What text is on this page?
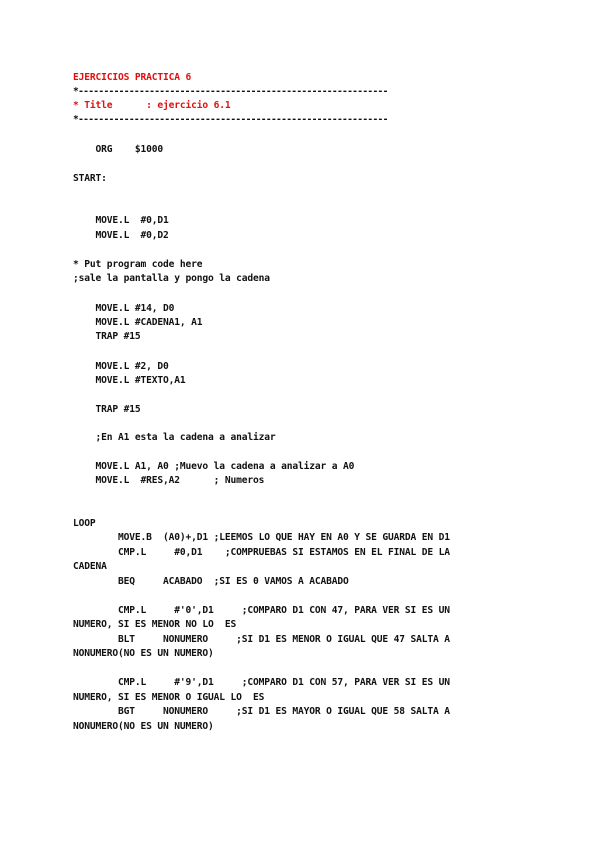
EJERCICIOS PRACTICA 6
*-------------------------------------------------------------
* Title      : ejercicio 6.1
*-------------------------------------------------------------
ORG    $1000
START:
MOVE.L  #0,D1
MOVE.L  #0,D2
* Put program code here
;sale la pantalla y pongo la cadena
MOVE.L #14, D0
MOVE.L #CADENA1, A1
TRAP #15
MOVE.L #2, D0
MOVE.L #TEXTO,A1
TRAP #15
;En A1 esta la cadena a analizar
MOVE.L A1, A0 ;Muevo la cadena a analizar a A0
MOVE.L  #RES,A2      ; Numeros
LOOP
MOVE.B  (A0)+,D1 ;LEEMOS LO QUE HAY EN A0 Y SE GUARDA EN D1
CMP.L     #0,D1    ;COMPRUEBAS SI ESTAMOS EN EL FINAL DE LA
CADENA
BEQ     ACABADO  ;SI ES 0 VAMOS A ACABADO
CMP.L     #'0',D1     ;COMPARO D1 CON 47, PARA VER SI ES UN
NUMERO, SI ES MENOR NO LO  ES
BLT     NONUMERO     ;SI D1 ES MENOR O IGUAL QUE 47 SALTA A
NONUMERO(NO ES UN NUMERO)
CMP.L     #'9',D1     ;COMPARO D1 CON 57, PARA VER SI ES UN
NUMERO, SI ES MENOR O IGUAL LO  ES
BGT     NONUMERO     ;SI D1 ES MAYOR O IGUAL QUE 58 SALTA A
NONUMERO(NO ES UN NUMERO)
